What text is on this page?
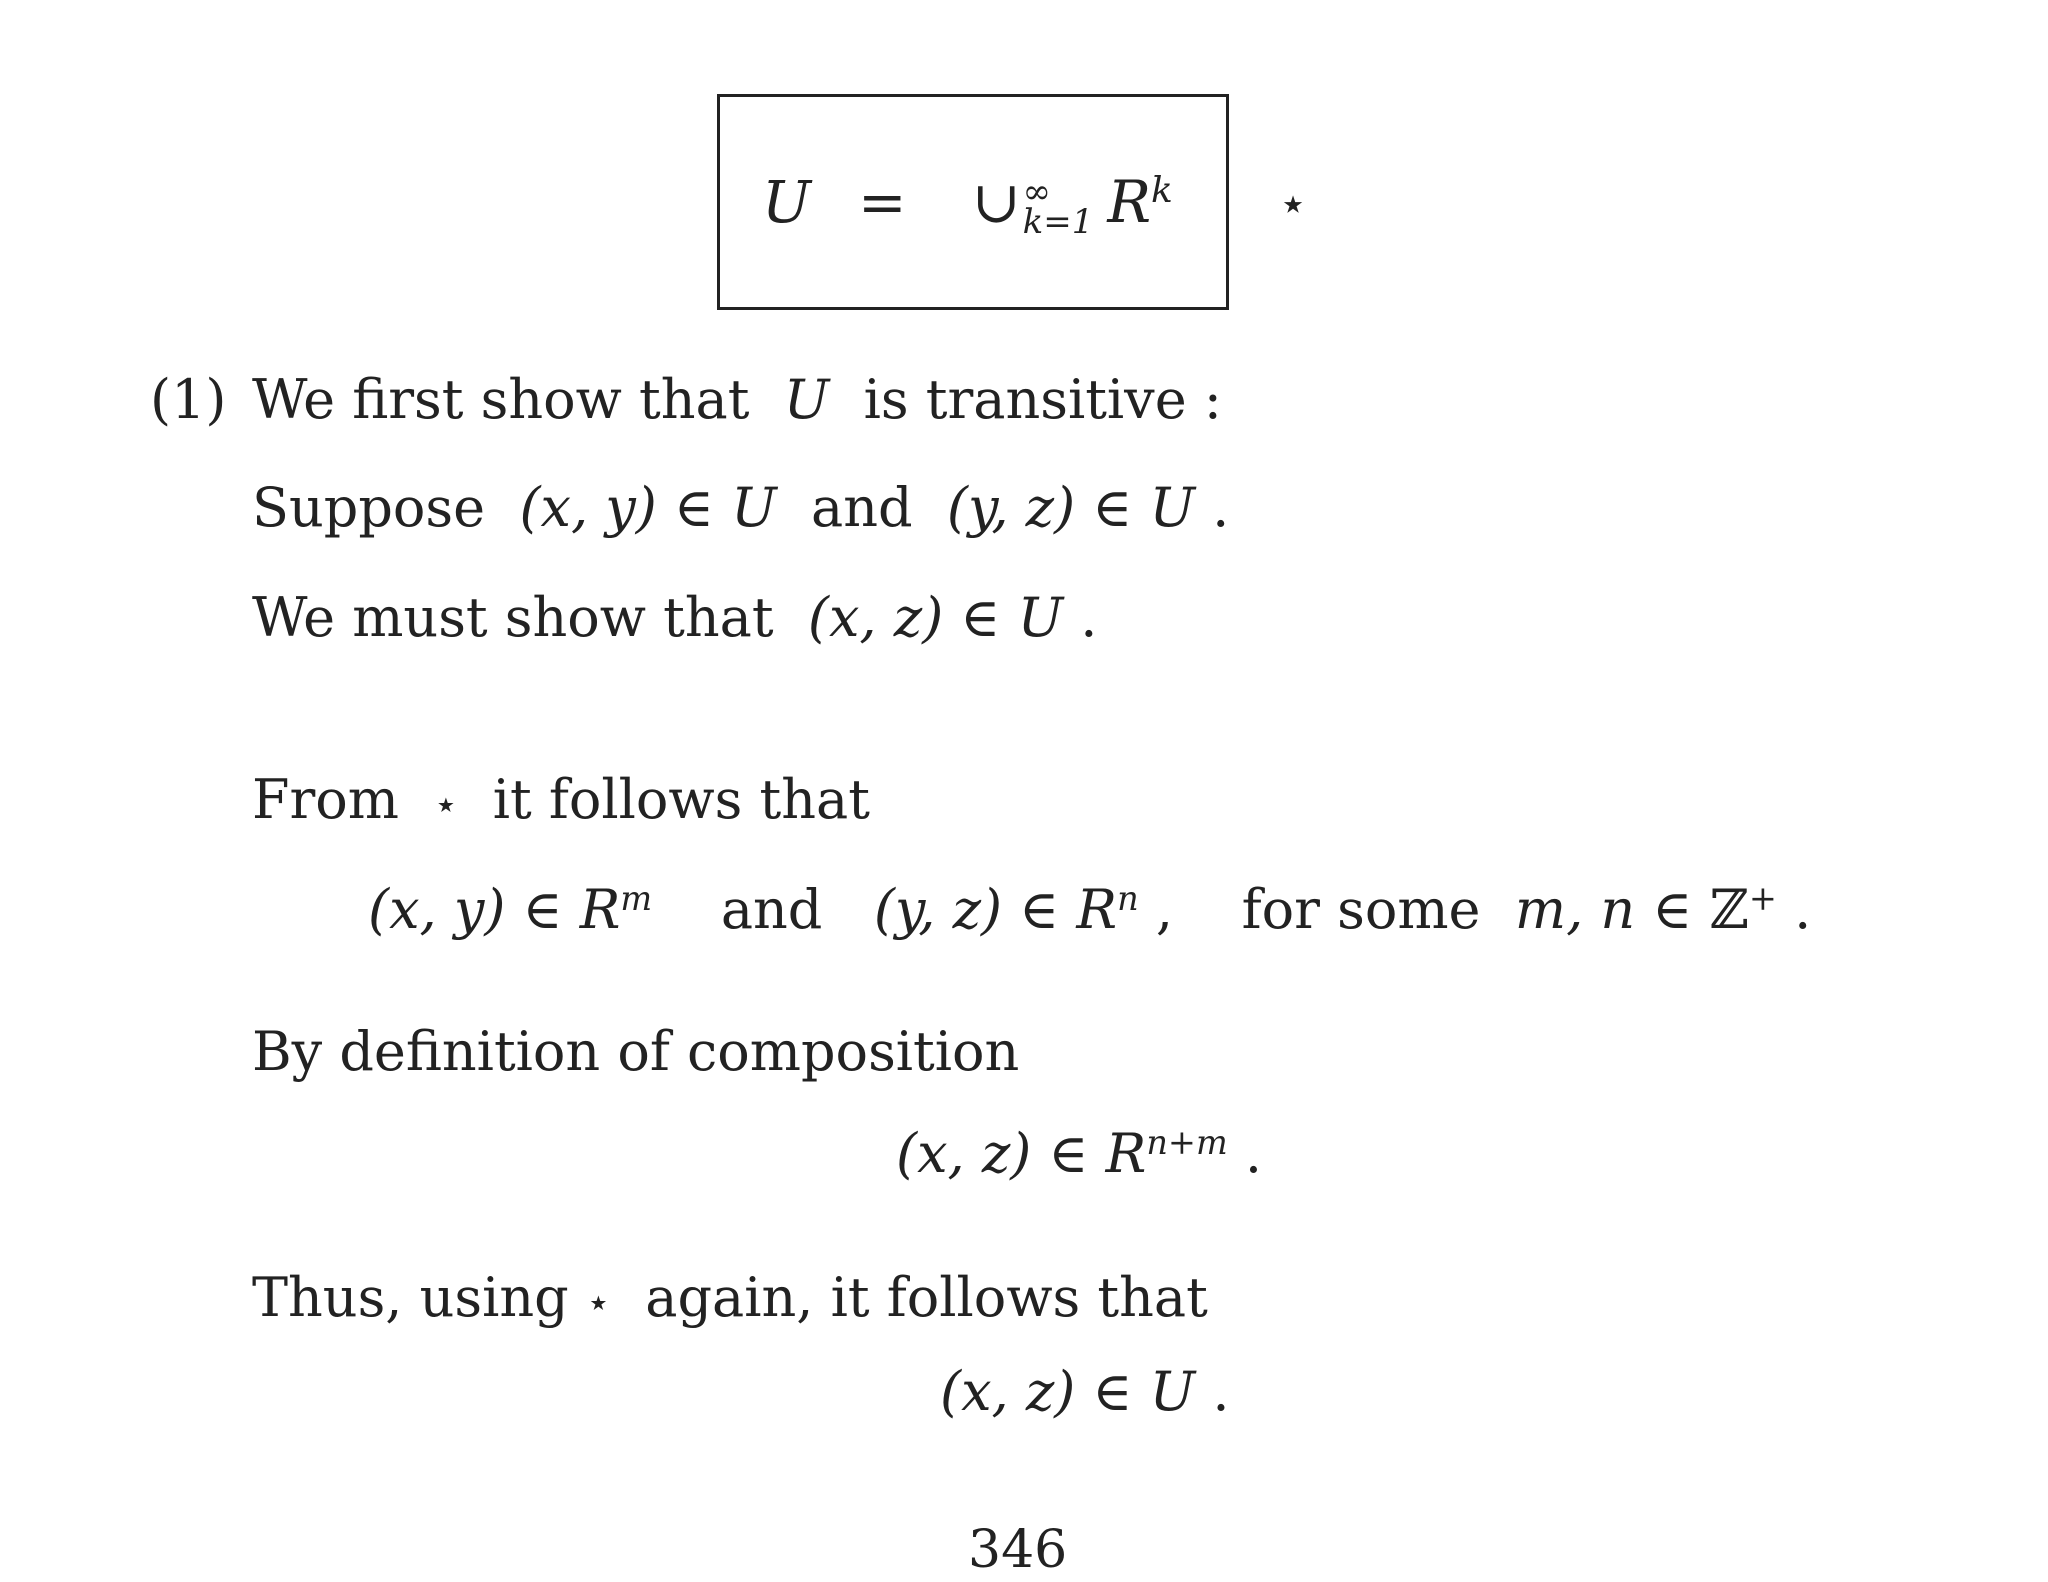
U = ∪ ∞
k=1 $R^k$ ⋆
(1) We first show that U is transitive :
Suppose (x, y) ∈ U and (y, z) ∈ U .
We must show that (x, z) ∈ U .
From ⋆ it follows that
(x, y) ∈ $R^m$ and (y, z) ∈ $R^n$ , for some m, n ∈ ℤ+ .
By definition of composition
(x, z) ∈ $R^{n+m}$ .
Thus, using ⋆ again, it follows that
(x, z) ∈ U .
346
